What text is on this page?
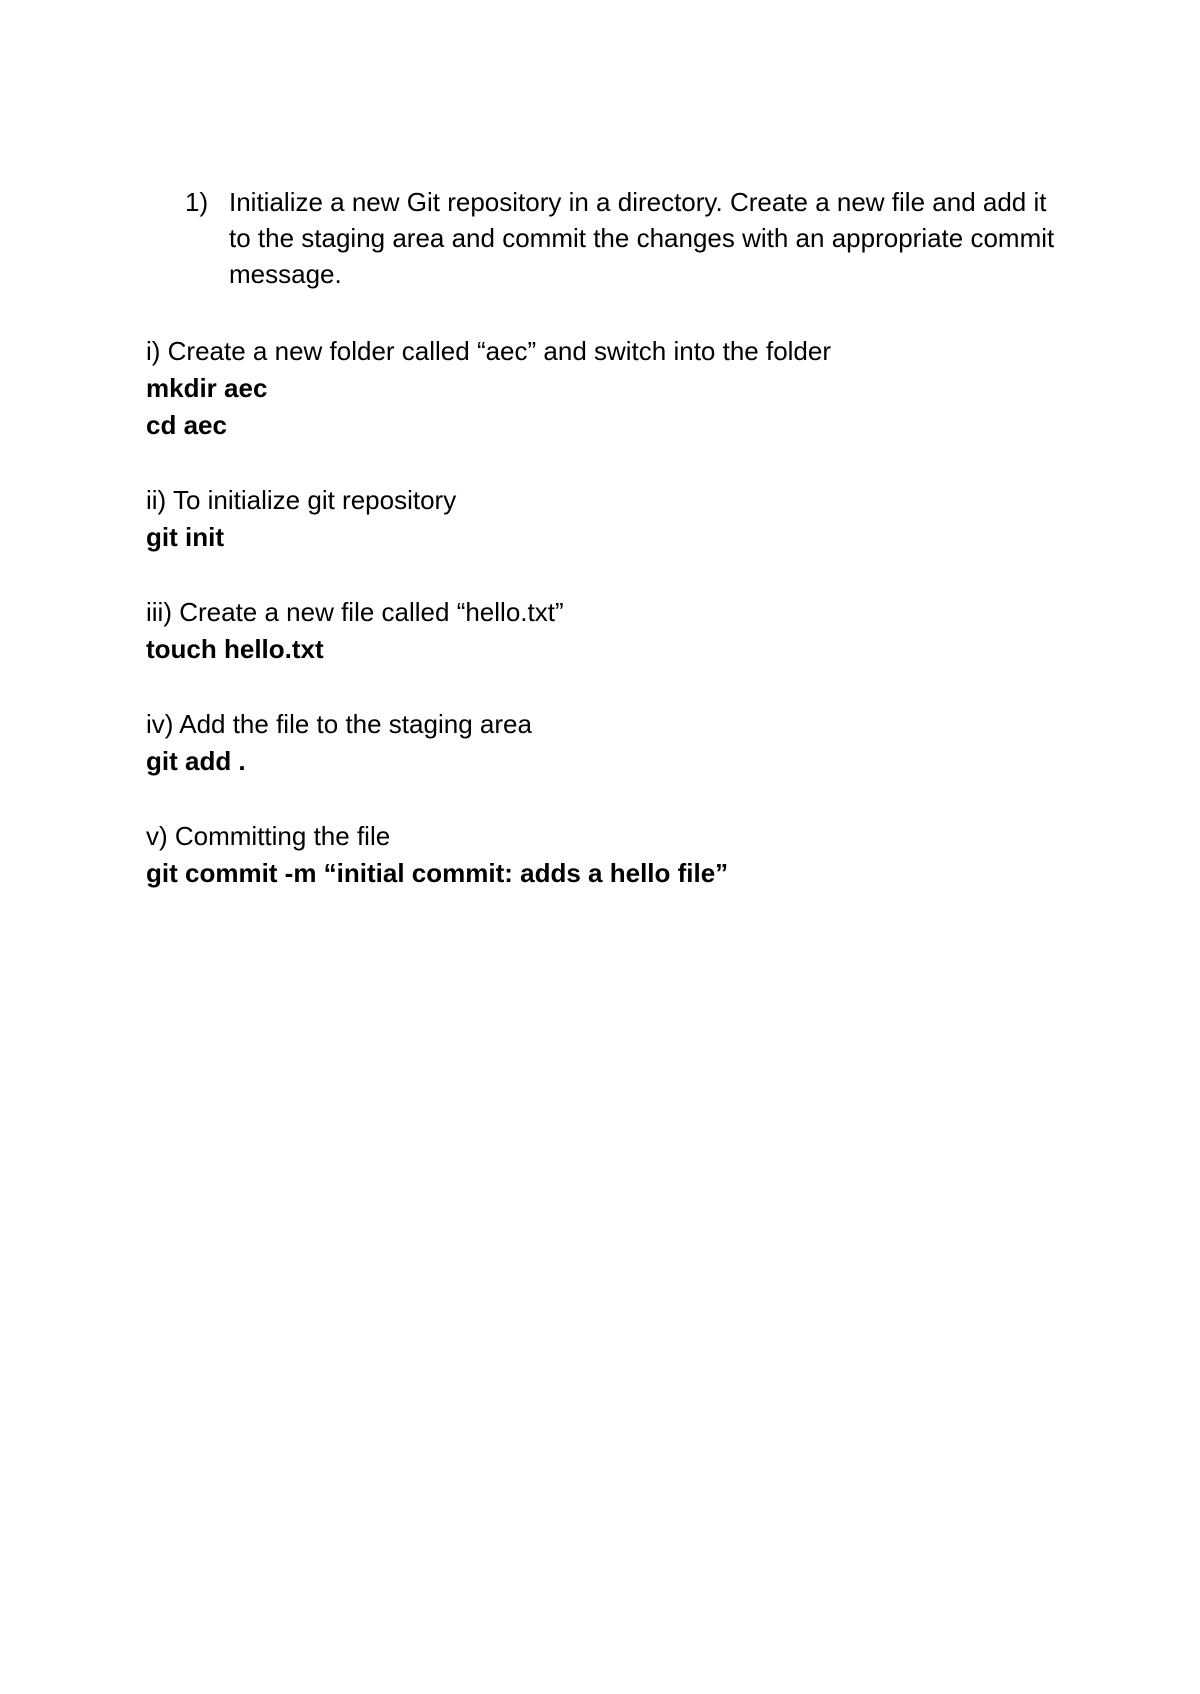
1) Initialize a new Git repository in a directory. Create a new file and add it to the staging area and commit the changes with an appropriate commit message.
i) Create a new folder called “aec” and switch into the folder
mkdir aec
cd aec
ii) To initialize git repository
git init
iii) Create a new file called “hello.txt”
touch hello.txt
iv) Add the file to the staging area
git add .
v) Committing the file
git commit -m “initial commit: adds a hello file”
